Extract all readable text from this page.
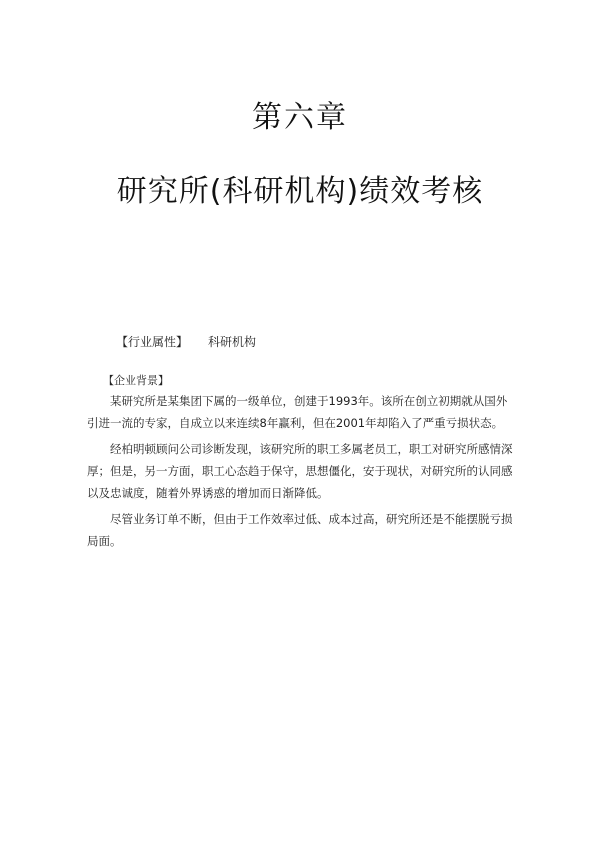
第六章
研究所(科研机构)绩效考核
【行业属性】 科研机构
【企业背景】

某研究所是某集团下属的一级单位，创建于1993年。该所在创立初期就从国外引进一流的专家，自成立以来连续8年赢利，但在2001年却陷入了严重亏损状态。

经柏明顿顾问公司诊断发现，该研究所的职工多属老员工，职工对研究所感情深厚；但是，另一方面，职工心态趋于保守，思想僵化，安于现状，对研究所的认同感以及忠诚度，随着外界诱惑的增加而日渐降低。

尽管业务订单不断，但由于工作效率过低、成本过高，研究所还是不能摆脱亏损局面。
